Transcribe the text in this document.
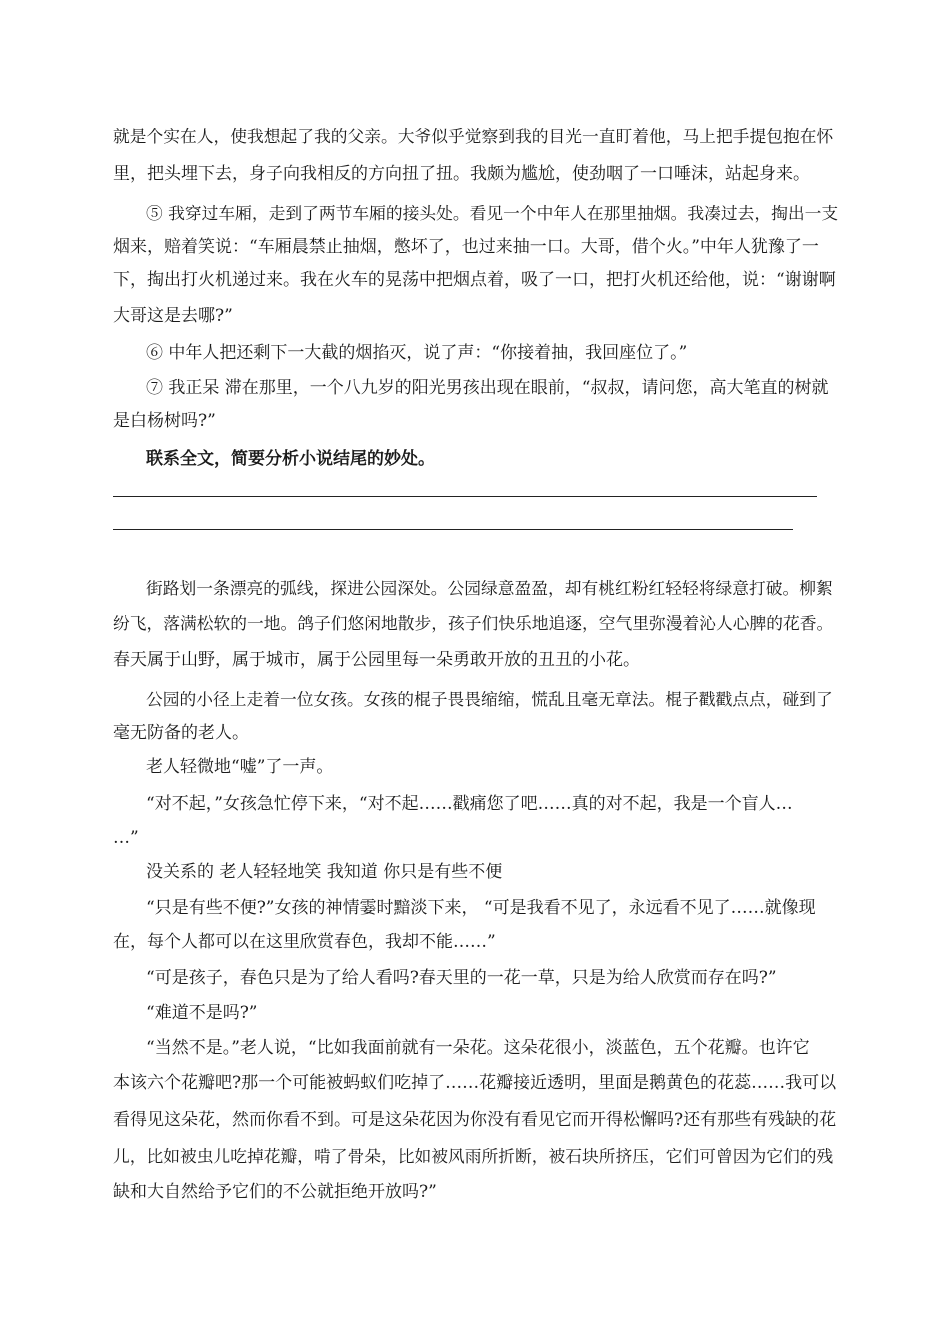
就是个实在人，使我想起了我的父亲。大爷似乎觉察到我的目光一直盯着他，马上把手提包抱在怀
里，把头埋下去，身子向我相反的方向扭了扭。我颇为尴尬，使劲咽了一口唾沫，站起身来。
⑤ 我穿过车厢，走到了两节车厢的接头处。看见一个中年人在那里抽烟。我凑过去，掏出一支
烟来，赔着笑说：“车厢晨禁止抽烟，憋坏了，也过来抽一口。大哥，借个火。”中年人犹豫了一
下，掏出打火机递过来。我在火车的晃荡中把烟点着，吸了一口，把打火机还给他，说：“谢谢啊
大哥这是去哪?”
⑥ 中年人把还剩下一大截的烟掐灭，说了声：“你接着抽，我回座位了。”
⑦ 我正呆 滞在那里，一个八九岁的阳光男孩出现在眼前，“叔叔，请问您，高大笔直的树就
是白杨树吗?”
联系全文，简要分析小说结尾的妙处。
街路划一条漂亮的弧线，探进公园深处。公园绿意盈盈，却有桃红粉红轻轻将绿意打破。柳絮
纷飞，落满松软的一地。鸽子们悠闲地散步，孩子们快乐地追逐，空气里弥漫着沁人心脾的花香。
春天属于山野，属于城市，属于公园里每一朵勇敢开放的丑丑的小花。
公园的小径上走着一位女孩。女孩的棍子畏畏缩缩，慌乱且毫无章法。棍子戳戳点点，碰到了
毫无防备的老人。
老人轻微地“嘘”了一声。
“对不起，”女孩急忙停下来，“对不起……戳痛您了吧……真的对不起，我是一个盲人…
…”
没关系的 老人轻轻地笑 我知道 你只是有些不便
“只是有些不便?”女孩的神情霎时黯淡下来， “可是我看不见了，永远看不见了……就像现
在，每个人都可以在这里欣赏春色，我却不能……”
“可是孩子，春色只是为了给人看吗?春天里的一花一草，只是为给人欣赏而存在吗?”
“难道不是吗?”
“当然不是。”老人说，“比如我面前就有一朵花。这朵花很小，淡蓝色，五个花瓣。也许它
本该六个花瓣吧?那一个可能被蚂蚁们吃掉了……花瓣接近透明，里面是鹅黄色的花蕊……我可以
看得见这朵花，然而你看不到。可是这朵花因为你没有看见它而开得松懈吗?还有那些有残缺的花
儿，比如被虫儿吃掉花瓣，啃了骨朵，比如被风雨所折断，被石块所挤压，它们可曾因为它们的残
缺和大自然给予它们的不公就拒绝开放吗?”
